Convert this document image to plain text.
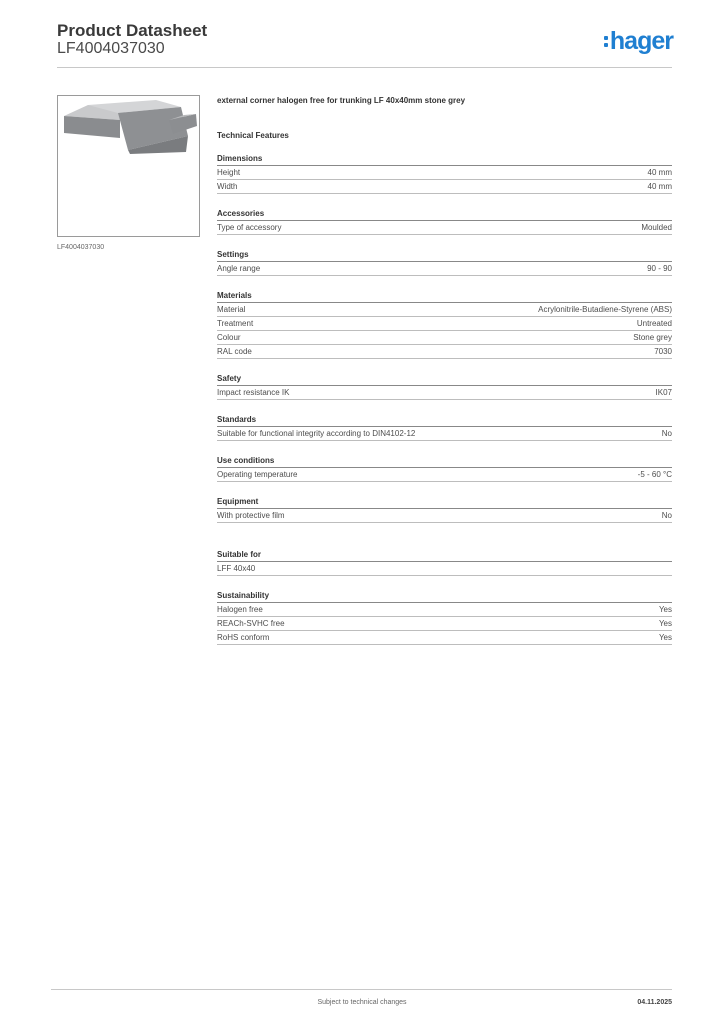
Product Datasheet
LF4004037030	hager
LF4004037030
external corner halogen free for trunking LF 40x40mm stone grey
Technical Features
Dimensions
Height	40 mm
Width	40 mm
Accessories
Type of accessory	Moulded
Settings
Angle range	90 - 90
Materials
Material	Acrylonitrile-Butadiene-Styrene (ABS)
Treatment	Untreated
Colour	Stone grey
RAL code	7030
Safety
Impact resistance IK	IK07
Standards
Suitable for functional integrity according to DIN4102-12	No
Use conditions
Operating temperature	-5 - 60 °C
Equipment
With protective film	No
Suitable for
LFF 40x40
Sustainability
Halogen free	Yes
REACh-SVHC free	Yes
RoHS conform	Yes
Subject to technical changes	04.11.2025
